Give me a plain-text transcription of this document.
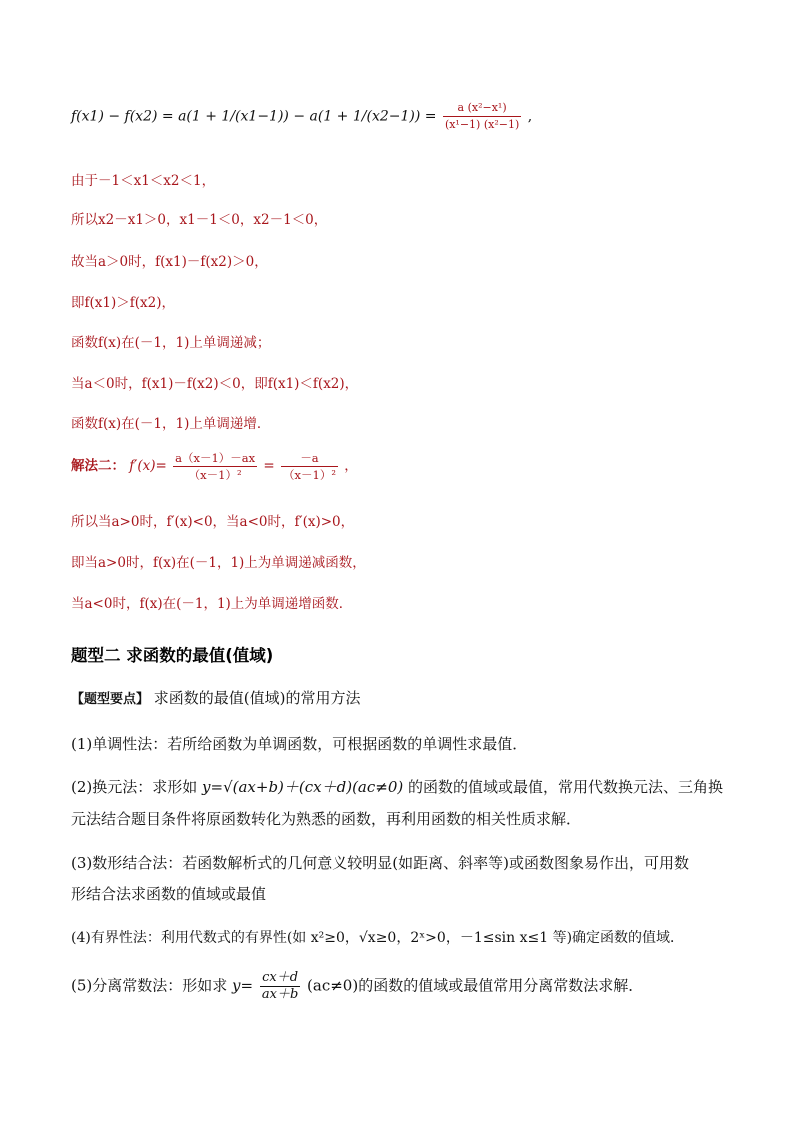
$f(x1) - f(x2) = a(1 + 1/(x1-1)) - a(1 + 1/(x2-1)) = \frac{\text{a (x²−x¹)}}{\text{(x¹−1) (x²−1)}}$ ,
由于－1＜x1＜x2＜1，
所以x2－x1＞0，x1－1＜0，x2－1＜0，
故当a＞0时，f(x1)－f(x2)＞0，
即f(x1)＞f(x2)，
函数f(x)在(－1，1)上单调递减；
当a＜0时，f(x1)－f(x2)＜0，即f(x1)＜f(x2)，
函数f(x)在(－1，1)上单调递增．
解法二： $f'(x)= \frac{a(x-1)-ax}{\text{（x－1）²}} = \frac{-a}{\text{（x－1）²}}$ ，
所以当a>0时，f′(x)<0，当a<0时，f′(x)>0，
即当a>0时，f(x)在(－1，1)上为单调递减函数，
当a<0时，f(x)在(－1，1)上为单调递增函数．
题型二 求函数的最值(值域)
【题型要点】 求函数的最值(值域)的常用方法
(1)单调性法：若所给函数为单调函数，可根据函数的单调性求最值．
(2)换元法：求形如 y=√(ax+b)＋(cx＋d)(ac≠0) 的函数的值域或最值，常用代数换元法、三角换
元法结合题目条件将原函数转化为熟悉的函数，再利用函数的相关性质求解．
(3)数形结合法：若函数解析式的几何意义较明显(如距离、斜率等)或函数图象易作出，可用数
形结合法求函数的值域或最值
(4)有界性法：利用代数式的有界性(如 x²≥0，√x≥0，2ˣ>0，－1≤sin x≤1 等)确定函数的值域．
(5)分离常数法：形如求 $y= \frac{cx+d}{ax+b} (ac\ne 0)$的函数的值域或最值常用分离常数法求解．
